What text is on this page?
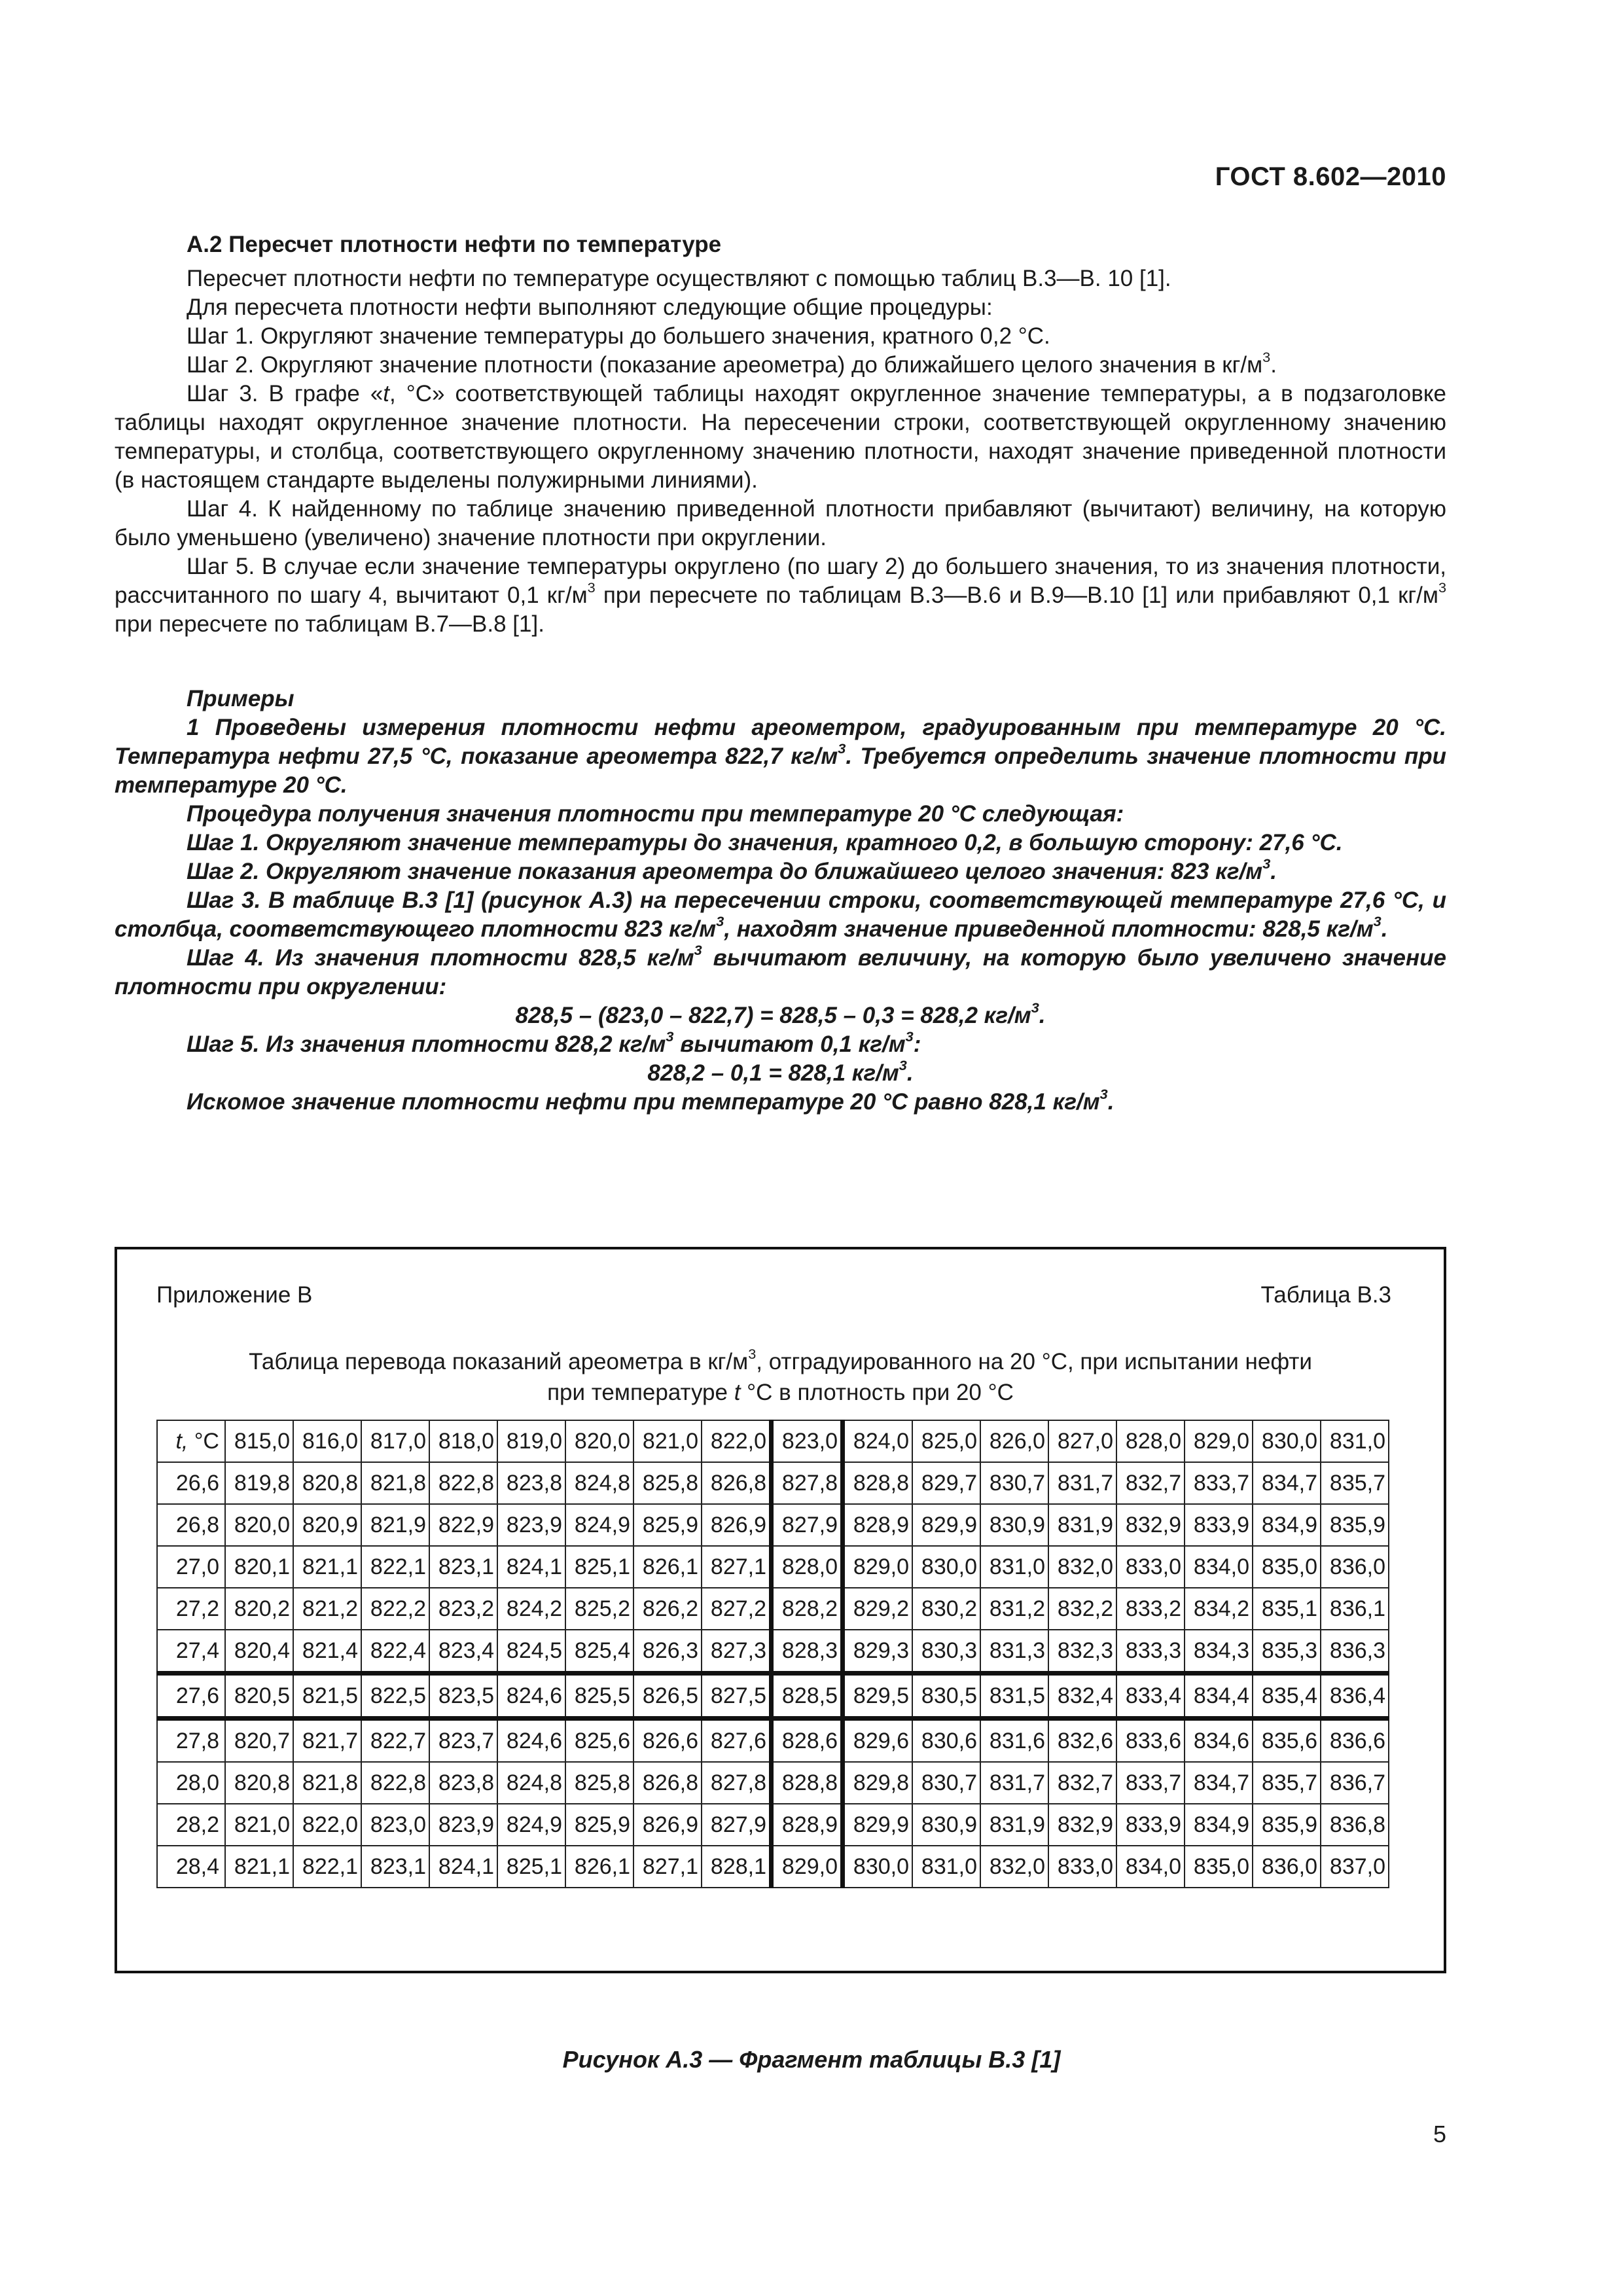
ГОСТ 8.602—2010

А.2 Пересчет плотности нефти по температуре

Пересчет плотности нефти по температуре осуществляют с помощью таблиц В.3—В. 10 [1].

Для пересчета плотности нефти выполняют следующие общие процедуры:

Шаг 1. Округляют значение температуры до большего значения, кратного 0,2 °С.

Шаг 2. Округляют значение плотности (показание ареометра) до ближайшего целого значения в $кг/м^3$.

Шаг 3. В графе «t, °С» соответствующей таблицы находят округленное значение температуры, а в подзаголовке таблицы находят округленное значение плотности. На пересечении строки, соответствующей округленному значению температуры, и столбца, соответствующего округленному значению плотности, находят значение приведенной плотности (в настоящем стандарте выделены полужирными линиями).

Шаг 4. К найденному по таблице значению приведенной плотности прибавляют (вычитают) величину, на которую было уменьшено (увеличено) значение плотности при округлении.

Шаг 5. В случае если значение температуры округлено (по шагу 2) до большего значения, то из значения плотности, рассчитанного по шагу 4, вычитают 0,1 $кг/м^3$ при пересчете по таблицам В.3—В.6 и В.9—В.10 [1] или прибавляют 0,1 $кг/м^3$ при пересчете по таблицам В.7—В.8 [1].

Примеры

1 Проведены измерения плотности нефти ареометром, градуированным при температуре 20 °С. Температура нефти 27,5 °С, показание ареометра 822,7 $кг/м^3$. Требуется определить значение плотности при температуре 20 °С.

Процедура получения значения плотности при температуре 20 °С следующая:

Шаг 1. Округляют значение температуры до значения, кратного 0,2, в большую сторону: 27,6 °С.

Шаг 2. Округляют значение показания ареометра до ближайшего целого значения: 823 $кг/м^3$.

Шаг 3. В таблице В.3 [1] (рисунок А.3) на пересечении строки, соответствующей температуре 27,6 °С, и столбца, соответствующего плотности 823 $кг/м^3$, находят значение приведенной плотности: 828,5 $кг/м^3$.

Шаг 4. Из значения плотности 828,5 $кг/м^3$ вычитают величину, на которую было увеличено значение плотности при округлении:

828,5 – (823,0 – 822,7) = 828,5 – 0,3 = 828,2 $кг/м^3$.

Шаг 5. Из значения плотности 828,2 $кг/м^3$ вычитают 0,1 $кг/м^3$:

828,2 – 0,1 = 828,1 $кг/м^3$.

Искомое значение плотности нефти при температуре 20 °С равно 828,1 $кг/м^3$.

Приложение В	Таблица В.3
Таблица перевода показаний ареометра в $кг/м^3$, отградуированного на 20 °С, при испытании нефти
при температуре t °С в плотность при 20 °С
t, °С	815,0	816,0	817,0	818,0	819,0	820,0	821,0	822,0	823,0	824,0	825,0	826,0	827,0	828,0	829,0	830,0	831,0
26,6	819,8	820,8	821,8	822,8	823,8	824,8	825,8	826,8	827,8	828,8	829,7	830,7	831,7	832,7	833,7	834,7	835,7
26,8	820,0	820,9	821,9	822,9	823,9	824,9	825,9	826,9	827,9	828,9	829,9	830,9	831,9	832,9	833,9	834,9	835,9
27,0	820,1	821,1	822,1	823,1	824,1	825,1	826,1	827,1	828,0	829,0	830,0	831,0	832,0	833,0	834,0	835,0	836,0
27,2	820,2	821,2	822,2	823,2	824,2	825,2	826,2	827,2	828,2	829,2	830,2	831,2	832,2	833,2	834,2	835,1	836,1
27,4	820,4	821,4	822,4	823,4	824,5	825,4	826,3	827,3	828,3	829,3	830,3	831,3	832,3	833,3	834,3	835,3	836,3
27,6	820,5	821,5	822,5	823,5	824,6	825,5	826,5	827,5	828,5	829,5	830,5	831,5	832,4	833,4	834,4	835,4	836,4
27,8	820,7	821,7	822,7	823,7	824,6	825,6	826,6	827,6	828,6	829,6	830,6	831,6	832,6	833,6	834,6	835,6	836,6
28,0	820,8	821,8	822,8	823,8	824,8	825,8	826,8	827,8	828,8	829,8	830,7	831,7	832,7	833,7	834,7	835,7	836,7
28,2	821,0	822,0	823,0	823,9	824,9	825,9	826,9	827,9	828,9	829,9	830,9	831,9	832,9	833,9	834,9	835,9	836,8
28,4	821,1	822,1	823,1	824,1	825,1	826,1	827,1	828,1	829,0	830,0	831,0	832,0	833,0	834,0	835,0	836,0	837,0
Рисунок А.3 — Фрагмент таблицы В.3 [1]
5
